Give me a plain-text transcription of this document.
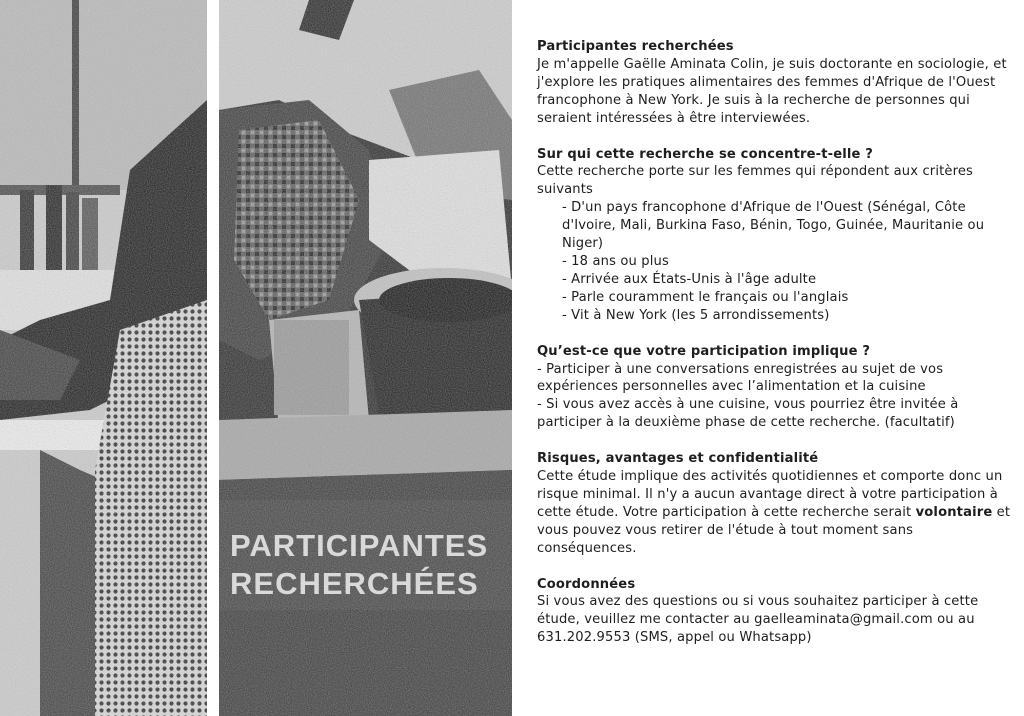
PARTICIPANTES
RECHERCHÉES
Participantes recherchées

Je m'appelle Gaëlle Aminata Colin, je suis doctorante en sociologie, et j'explore les pratiques alimentaires des femmes d'Afrique de l'Ouest francophone à New York. Je suis à la recherche de personnes qui seraient intéressées à être interviewées.

Sur qui cette recherche se concentre-t-elle ?

Cette recherche porte sur les femmes qui répondent aux critères suivants

- D'un pays francophone d'Afrique de l'Ouest (Sénégal, Côte d'Ivoire, Mali, Burkina Faso, Bénin, Togo, Guinée, Mauritanie ou Niger)
- 18 ans ou plus
- Arrivée aux États-Unis à l'âge adulte
- Parle couramment le français ou l'anglais
- Vit à New York (les 5 arrondissements)
Qu’est-ce que votre participation implique ?

- Participer à une conversations enregistrées au sujet de vos expériences personnelles avec l’alimentation et la cuisine

- Si vous avez accès à une cuisine, vous pourriez être invitée à participer à la deuxième phase de cette recherche. (facultatif)

Risques, avantages et confidentialité

Cette étude implique des activités quotidiennes et comporte donc un risque minimal. Il n'y a aucun avantage direct à votre participation à cette étude. Votre participation à cette recherche serait volontaire et vous pouvez vous retirer de l'étude à tout moment sans conséquences.

Coordonnées

Si vous avez des questions ou si vous souhaitez participer à cette étude, veuillez me contacter au gaelleaminata@gmail.com ou au 631.202.9553 (SMS, appel ou Whatsapp)
